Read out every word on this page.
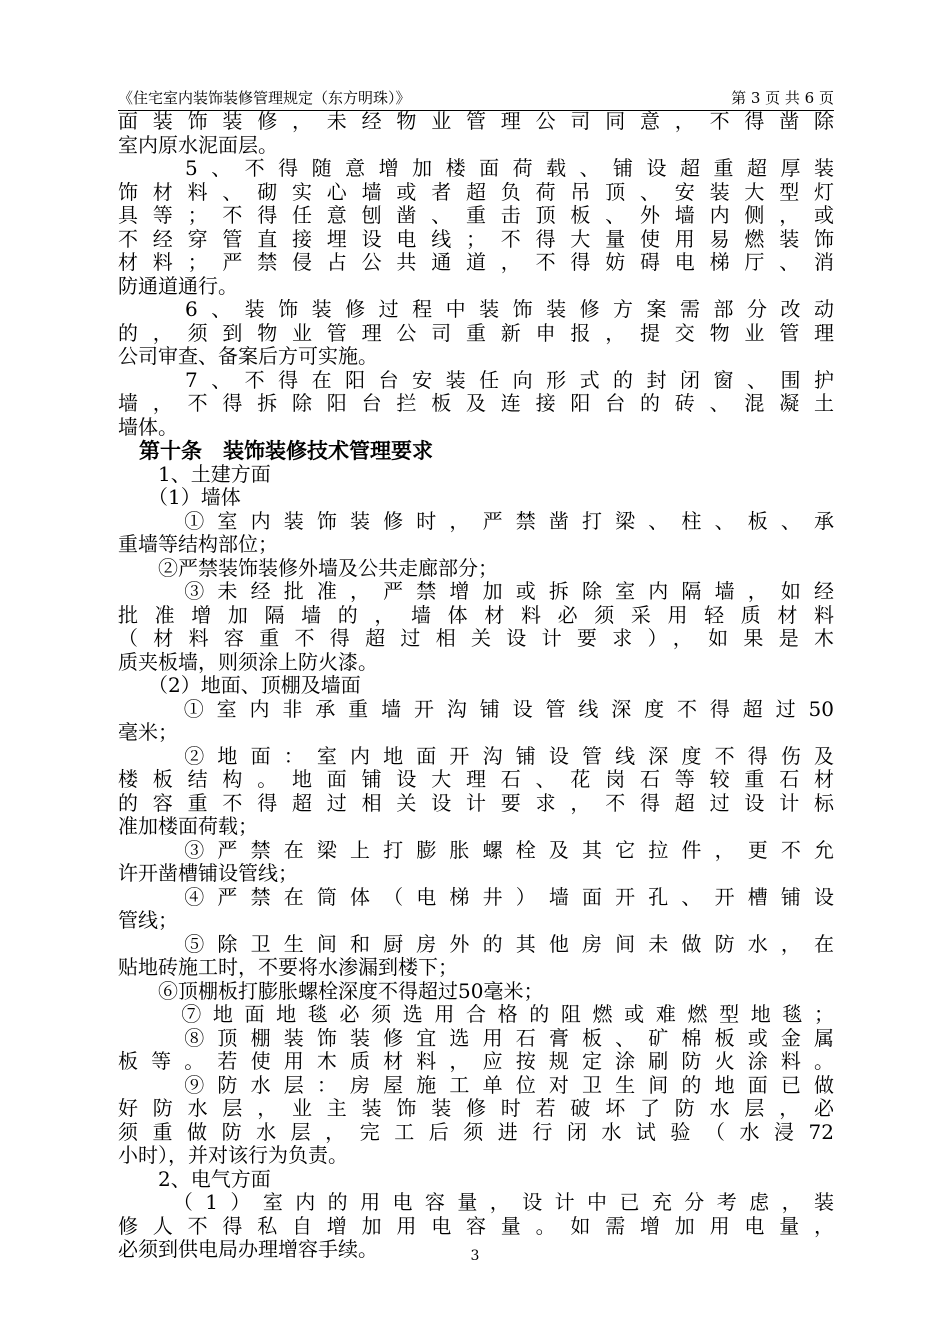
《住宅室内装饰装修管理规定（东方明珠）》	第 3 页 共 6 页
面装饰装修，未经物业管理公司同意，不得凿除
室内原水泥面层。
　　5、不得随意增加楼面荷载、铺设超重超厚装
饰材料、砌实心墙或者超负荷吊顶、安装大型灯
具等；不得任意刨凿、重击顶板、外墙内侧，或
不经穿管直接埋设电线；不得大量使用易燃装饰
材料；严禁侵占公共通道，不得妨碍电梯厅、消
防通道通行。
　　6、装饰装修过程中装饰装修方案需部分改动
的，须到物业管理公司重新申报，提交物业管理
公司审查、备案后方可实施。
　　7、不得在阳台安装任向形式的封闭窗、围护
墙，不得拆除阳台拦板及连接阳台的砖、混凝土
墙体。
　第十条　装饰装修技术管理要求
　　1、土建方面
　　（1）墙体
　　①室内装饰装修时，严禁凿打梁、柱、板、承
重墙等结构部位；
　　②严禁装饰装修外墙及公共走廊部分；
　　③未经批准，严禁增加或拆除室内隔墙，如经
批准增加隔墙的，墙体材料必须采用轻质材料
（材料容重不得超过相关设计要求），如果是木
质夹板墙，则须涂上防火漆。
　　（2）地面、顶棚及墙面
　　①室内非承重墙开沟铺设管线深度不得超过50
毫米；
　　②地面：室内地面开沟铺设管线深度不得伤及
楼板结构。地面铺设大理石、花岗石等较重石材
的容重不得超过相关设计要求，不得超过设计标
准加楼面荷载；
　　③严禁在梁上打膨胀螺栓及其它拉件，更不允
许开凿槽铺设管线；
　　④严禁在筒体（电梯井）墙面开孔、开槽铺设
管线；
　　⑤除卫生间和厨房外的其他房间未做防水，在
贴地砖施工时，不要将水渗漏到楼下；
　　⑥顶棚板打膨胀螺栓深度不得超过50毫米；
　　⑦地面地毯必须选用合格的阻燃或难燃型地毯；
　　⑧顶棚装饰装修宜选用石膏板、矿棉板或金属
板等。若使用木质材料，应按规定涂刷防火涂料。
　　⑨防水层：房屋施工单位对卫生间的地面已做
好防水层，业主装饰装修时若破坏了防水层，必
须重做防水层，完工后须进行闭水试验（水浸72
小时），并对该行为负责。
　　2、电气方面
　　（1）室内的用电容量，设计中已充分考虑，装
修人不得私自增加用电容量。如需增加用电量，
必须到供电局办理增容手续。	3
